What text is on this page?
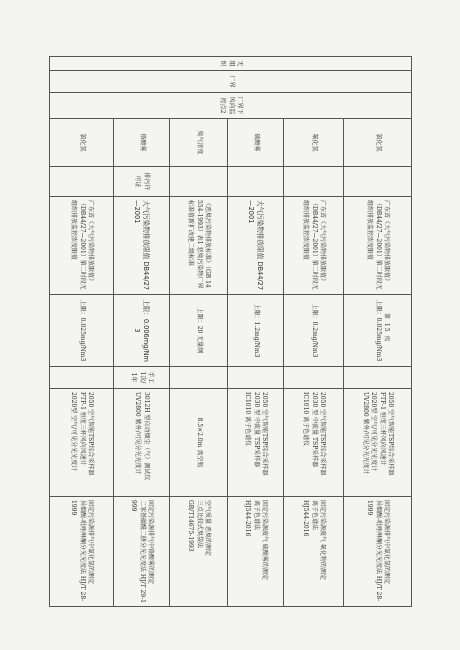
无组织	厂界	厂界下风向监控点2	氯化氢		广东省《大气污染物排放限值》（DB44/27—2001）第二时段无组织排放监控浓度限值	上限：0.025mg/Nm3		2050 空气智能TSP综合采样器
FTF-1 恒度三杯风向风速计
2020型 空气/可见分光光度计
UV2800 紫外/可见分光光度计	固定污染源排气中氯化氢的测定
异烟酸-吡唑啉酮分光光度法 HJ/T 28-1999
			氟化氢		广东省《大气污染物排放限值》（DB44/27—2001）第二时段无组织排放监控浓度限值	上限：0.2mg/Nm3		2050 空气智能TSP综合采样器
2030 型 中流量 TSP采样器
IC1010 离子色谱仪	固定污染源废气 氟化物的测定
离子色谱法
HJ544-2016
			硫酸雾		大气污染物排放限值 DB44/27—2001	上限：1.2mg/Nm3		2050 空气智能TSP综合采样器
2030 型 中流量 TSP采样器
IC1010 离子色谱仪	固定污染源废气 硫酸雾的测定
离子色谱法
HJ544-2016
			臭气浓度		《恶臭污染物排放标准》（GB 14554-1993）表1 恶臭污染物厂界标准值新扩改建二级标准	上限：20 无量纲		8.5×2.0m 真空瓶	空气质量 恶臭的测定
三点比较式臭袋法
GB/T14675-1993
			铬酸雾	排污许可证	大气污染物排放限值 DB44/27—2001	上限：0.006mg/Nm3	手工 1次/1年	3012H 型自动烟尘（气）测试仪
UV2800 紫外/可见分光光度计	固定污染源排气中铬酸雾的测定
二苯基碳酰二肼分光光度法 HJ/T 29-1999
			氯化氢		广东省《大气污染物排放限值》（DB44/27—2001）第二时段无组织排放监控浓度限值	上限：0.025mg/Nm3		2050 空气智能TSP综合采样器
FTF-1 恒度三杯风向风速计
2020型 空气/可见分光光度计	固定污染源排气中氯化氢的测定
异烟酸-吡唑啉酮分光光度法 HJ/T 28-1999
第 15 页
